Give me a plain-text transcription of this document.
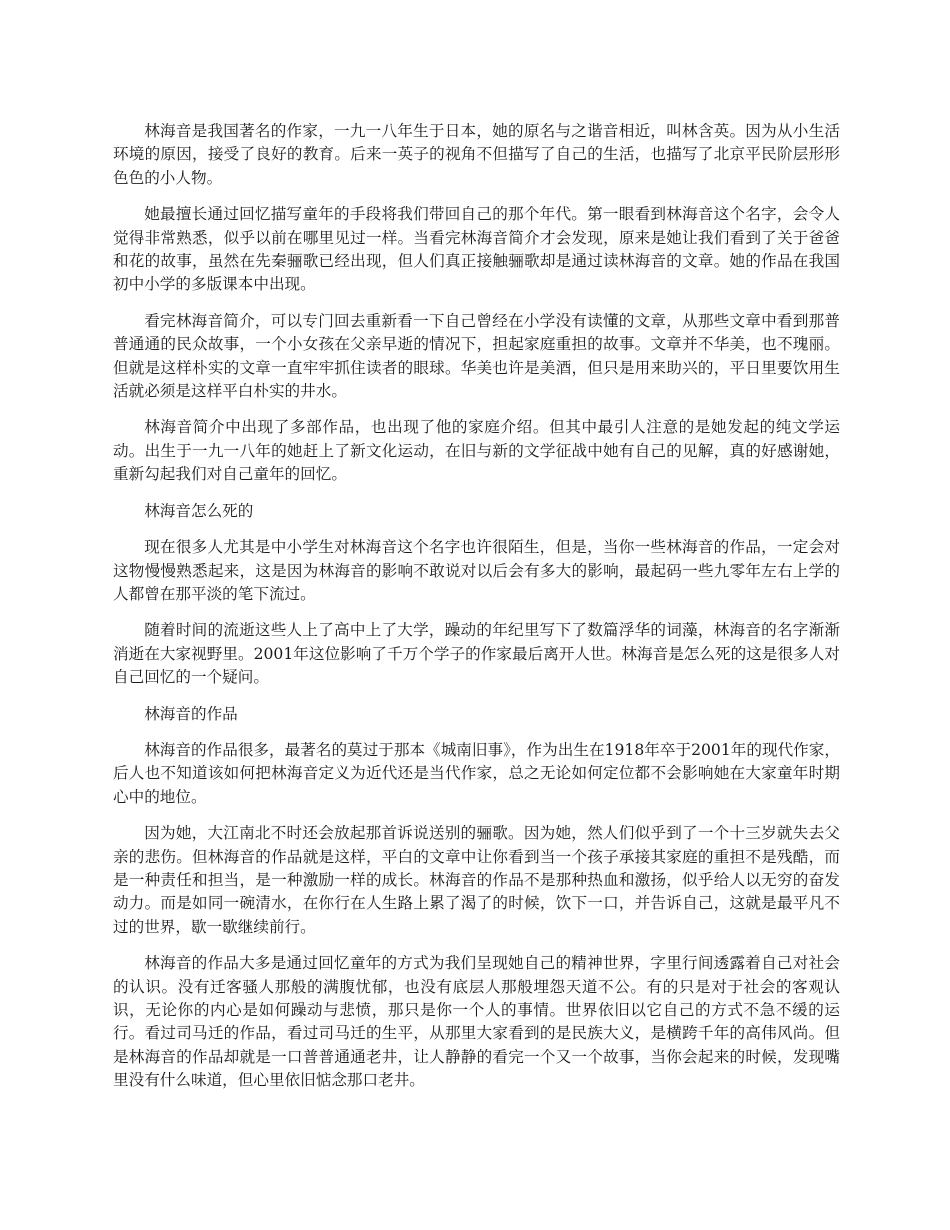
林海音是我国著名的作家，一九一八年生于日本，她的原名与之谐音相近，叫林含英。因为从小生活环境的原因，接受了良好的教育。后来一英子的视角不但描写了自己的生活，也描写了北京平民阶层形形色色的小人物。

她最擅长通过回忆描写童年的手段将我们带回自己的那个年代。第一眼看到林海音这个名字，会令人觉得非常熟悉，似乎以前在哪里见过一样。当看完林海音简介才会发现，原来是她让我们看到了关于爸爸和花的故事，虽然在先秦骊歌已经出现，但人们真正接触骊歌却是通过读林海音的文章。她的作品在我国初中小学的多版课本中出现。

看完林海音简介，可以专门回去重新看一下自己曾经在小学没有读懂的文章，从那些文章中看到那普普通通的民众故事，一个小女孩在父亲早逝的情况下，担起家庭重担的故事。文章并不华美，也不瑰丽。但就是这样朴实的文章一直牢牢抓住读者的眼球。华美也许是美酒，但只是用来助兴的，平日里要饮用生活就必须是这样平白朴实的井水。

林海音简介中出现了多部作品，也出现了他的家庭介绍。但其中最引人注意的是她发起的纯文学运动。出生于一九一八年的她赶上了新文化运动，在旧与新的文学征战中她有自己的见解，真的好感谢她，重新勾起我们对自己童年的回忆。

林海音怎么死的

现在很多人尤其是中小学生对林海音这个名字也许很陌生，但是，当你一些林海音的作品，一定会对这物慢慢熟悉起来，这是因为林海音的影响不敢说对以后会有多大的影响，最起码一些九零年左右上学的人都曾在那平淡的笔下流过。

随着时间的流逝这些人上了高中上了大学，躁动的年纪里写下了数篇浮华的词藻，林海音的名字渐渐消逝在大家视野里。2001年这位影响了千万个学子的作家最后离开人世。林海音是怎么死的这是很多人对自己回忆的一个疑问。

林海音的作品

林海音的作品很多，最著名的莫过于那本《城南旧事》，作为出生在1918年卒于2001年的现代作家，后人也不知道该如何把林海音定义为近代还是当代作家，总之无论如何定位都不会影响她在大家童年时期心中的地位。

因为她，大江南北不时还会放起那首诉说送别的骊歌。因为她，然人们似乎到了一个十三岁就失去父亲的悲伤。但林海音的作品就是这样，平白的文章中让你看到当一个孩子承接其家庭的重担不是残酷，而是一种责任和担当，是一种激励一样的成长。林海音的作品不是那种热血和激扬，似乎给人以无穷的奋发动力。而是如同一碗清水，在你行在人生路上累了渴了的时候，饮下一口，并告诉自己，这就是最平凡不过的世界，歇一歇继续前行。

林海音的作品大多是通过回忆童年的方式为我们呈现她自己的精神世界，字里行间透露着自己对社会的认识。没有迁客骚人那般的满腹忧郁，也没有底层人那般埋怨天道不公。有的只是对于社会的客观认识，无论你的内心是如何躁动与悲愤，那只是你一个人的事情。世界依旧以它自己的方式不急不缓的运行。看过司马迁的作品，看过司马迁的生平，从那里大家看到的是民族大义，是横跨千年的高伟风尚。但是林海音的作品却就是一口普普通通老井，让人静静的看完一个又一个故事，当你会起来的时候，发现嘴里没有什么味道，但心里依旧惦念那口老井。
